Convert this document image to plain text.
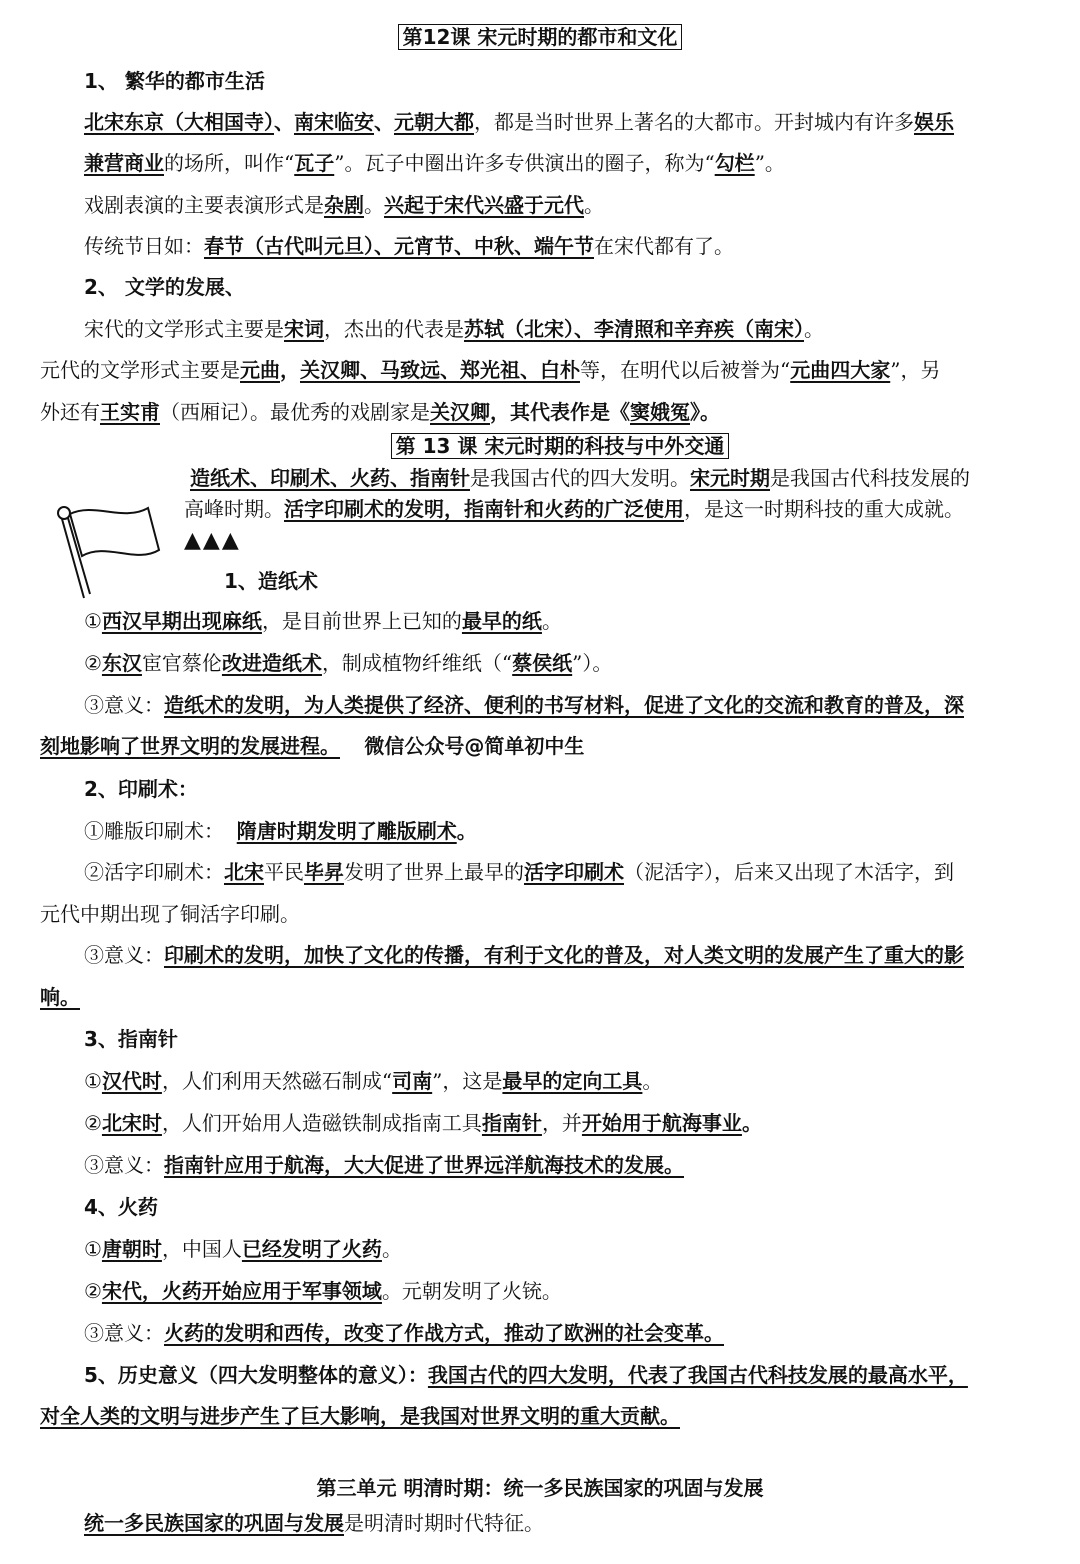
第12课 宋元时期的都市和文化
1、 繁华的都市生活
北宋东京（大相国寺）、南宋临安、元朝大都，都是当时世界上著名的大都市。开封城内有许多娱乐
兼营商业的场所，叫作“瓦子”。瓦子中圈出许多专供演出的圈子，称为“勾栏”。
戏剧表演的主要表演形式是杂剧。兴起于宋代兴盛于元代。
传统节日如：春节（古代叫元旦）、元宵节、中秋、端午节在宋代都有了。
2、 文学的发展、
宋代的文学形式主要是宋词，杰出的代表是苏轼（北宋）、李清照和辛弃疾（南宋）。
元代的文学形式主要是元曲，关汉卿、马致远、郑光祖、白朴等，在明代以后被誉为“元曲四大家”，另
外还有王实甫（西厢记）。最优秀的戏剧家是关汉卿，其代表作是《窦娥冤》。
第 13 课 宋元时期的科技与中外交通
造纸术、印刷术、火药、指南针是我国古代的四大发明。宋元时期是我国古代科技发展的
高峰时期。活字印刷术的发明，指南针和火药的广泛使用，是这一时期科技的重大成就。
▲▲▲
1、造纸术
①西汉早期出现麻纸，是目前世界上已知的最早的纸。
②东汉宦官蔡伦改进造纸术，制成植物纤维纸（“蔡侯纸”）。
③意义：造纸术的发明，为人类提供了经济、便利的书写材料，促进了文化的交流和教育的普及，深
刻地影响了世界文明的发展进程。 微信公众号@简单初中生
2、印刷术：
①雕版印刷术：  隋唐时期发明了雕版刷术。
②活字印刷术：北宋平民毕昇发明了世界上最早的活字印刷术（泥活字），后来又出现了木活字，到
元代中期出现了铜活字印刷。
③意义：印刷术的发明，加快了文化的传播，有利于文化的普及，对人类文明的发展产生了重大的影
响。
3、指南针
①汉代时，人们利用天然磁石制成“司南”，这是最早的定向工具。
②北宋时，人们开始用人造磁铁制成指南工具指南针，并开始用于航海事业。
③意义：指南针应用于航海，大大促进了世界远洋航海技术的发展。
4、火药
①唐朝时，中国人已经发明了火药。
②宋代，火药开始应用于军事领域。元朝发明了火铳。
③意义：火药的发明和西传，改变了作战方式，推动了欧洲的社会变革。
5、历史意义（四大发明整体的意义）：我国古代的四大发明，代表了我国古代科技发展的最高水平，
对全人类的文明与进步产生了巨大影响，是我国对世界文明的重大贡献。
第三单元 明清时期：统一多民族国家的巩固与发展
统一多民族国家的巩固与发展是明清时期时代特征。
